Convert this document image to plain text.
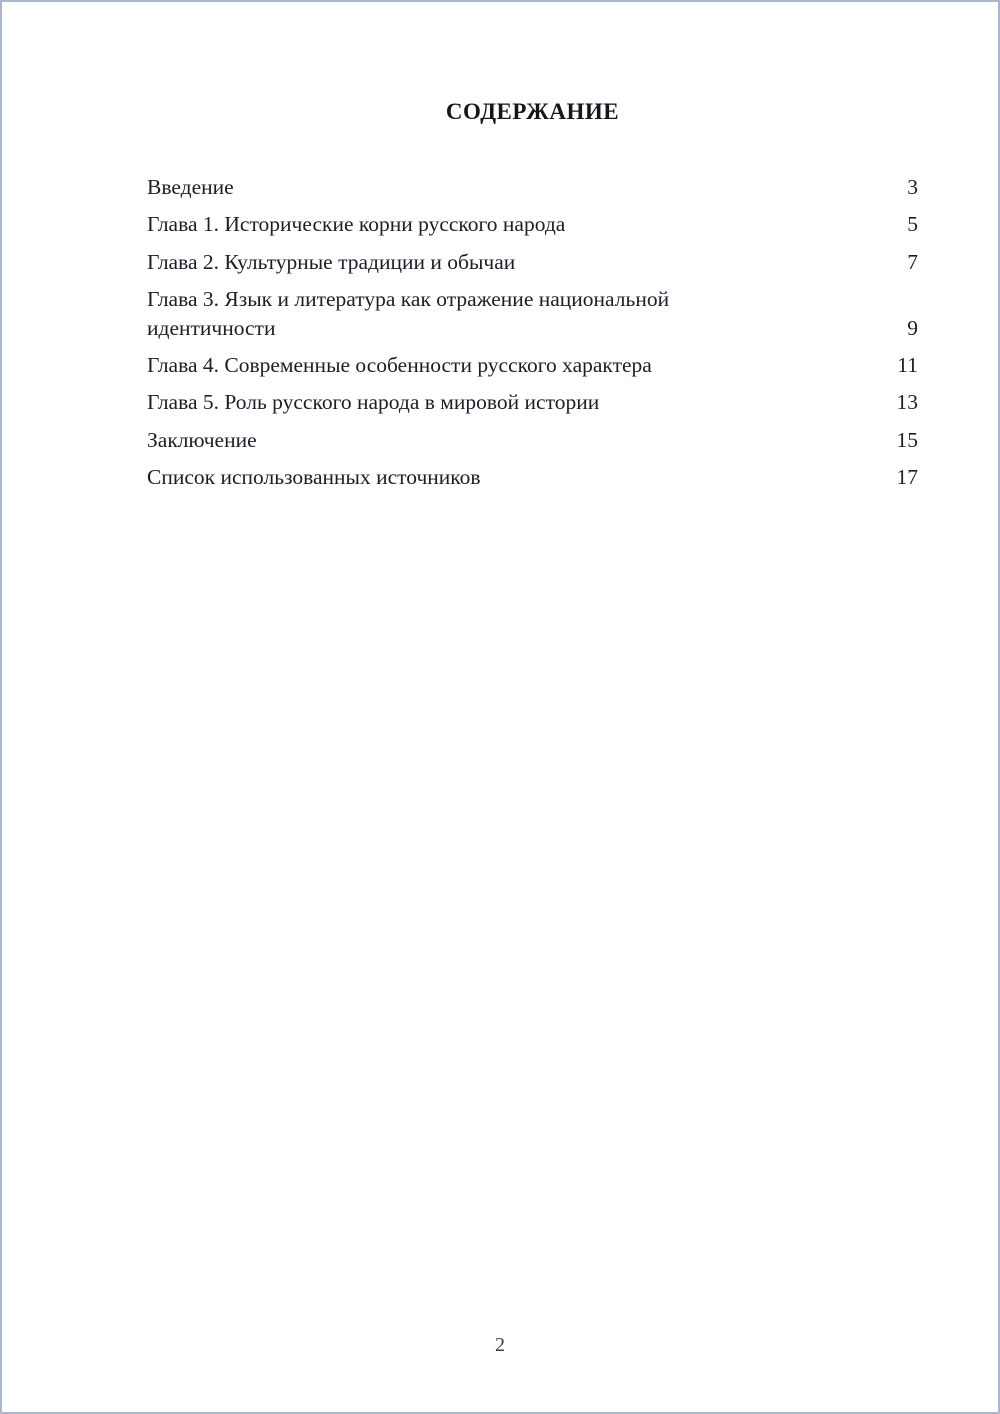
СОДЕРЖАНИЕ
Введение	3
Глава 1. Исторические корни русского народа	5
Глава 2. Культурные традиции и обычаи	7
Глава 3. Язык и литература как отражение национальной идентичности	9
Глава 4. Современные особенности русского характера	11
Глава 5. Роль русского народа в мировой истории	13
Заключение	15
Список использованных источников	17
2
